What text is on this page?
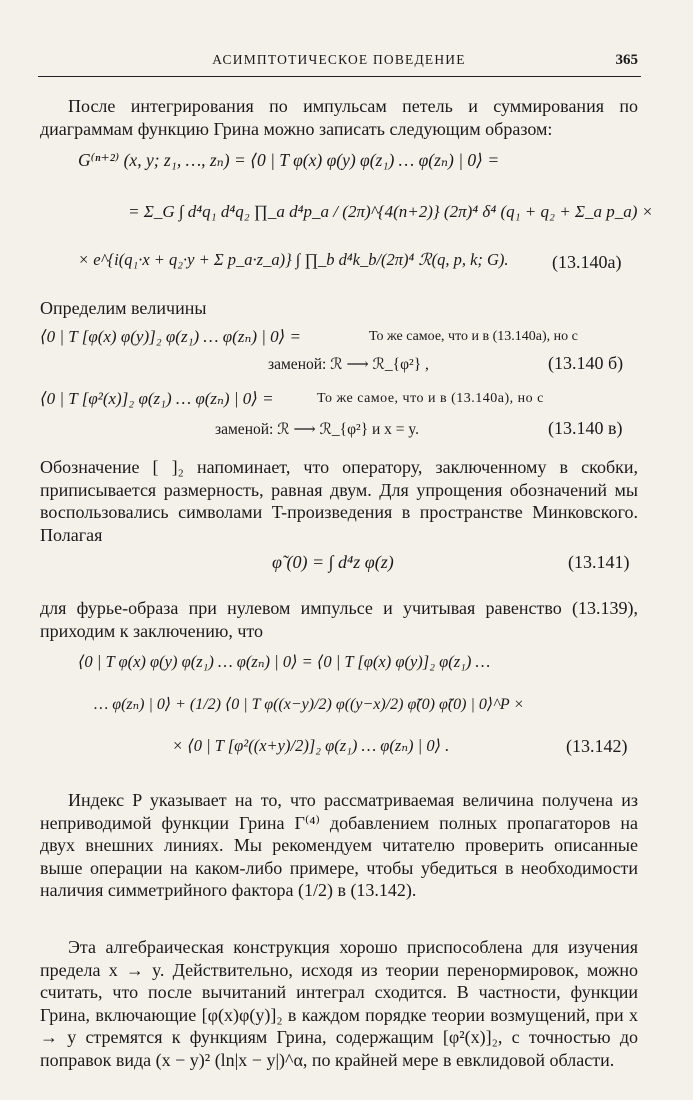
АСИМПТОТИЧЕСКОЕ ПОВЕДЕНИЕ	365

После интегрирования по импульсам петель и суммирования по диаграммам функцию Грина можно записать следующим образом:

G⁽ⁿ⁺²⁾ (x, y; z₁, …, zₙ) = ⟨0 | T φ(x) φ(y) φ(z₁) … φ(zₙ) | 0⟩ =
= Σ_G ∫ d⁴q₁ d⁴q₂ ∏_a d⁴p_a / (2π)^{4(n+2)} (2π)⁴ δ⁴ (q₁ + q₂ + Σ_a p_a) ×
× e^{i(q₁·x + q₂·y + Σ p_a·z_a)} ∫ ∏_b d⁴k_b/(2π)⁴ ℛ(q, p, k; G). (13.140а)
Определим величины
⟨0 | T [φ(x) φ(y)]₂ φ(z₁) … φ(zₙ) | 0⟩ =	То же самое, что и в (13.140а), но с
заменой: ℛ ⟶ ℛ_{φ²} ,	(13.140 б)
⟨0 | T [φ²(x)]₂ φ(z₁) … φ(zₙ) | 0⟩ =	То же самое, что и в (13.140а), но с
заменой: ℛ ⟶ ℛ_{φ²} и x = y.	(13.140 в)

Обозначение [ ]₂ напоминает, что оператору, заключенному в скобки, приписывается размерность, равная двум. Для упрощения обозначений мы воспользовались символами T-произведения в пространстве Минковского. Полагая

φ̃ (0) = ∫ d⁴z φ(z)	(13.141)

для фурье-образа при нулевом импульсе и учитывая равенство (13.139), приходим к заключению, что

⟨0 | T φ(x) φ(y) φ(z₁) … φ(zₙ) | 0⟩ = ⟨0 | T [φ(x) φ(y)]₂ φ(z₁) …
… φ(zₙ) | 0⟩ + (1/2) ⟨0 | T φ((x−y)/2) φ((y−x)/2) φ̃(0) φ̃(0) | 0⟩^P ×
× ⟨0 | T [φ²((x+y)/2)]₂ φ(z₁) … φ(zₙ) | 0⟩ .	(13.142)

Индекс P указывает на то, что рассматриваемая величина получена из неприводимой функции Грина Γ⁽⁴⁾ добавлением полных пропагаторов на двух внешних линиях. Мы рекомендуем читателю проверить описанные выше операции на каком-либо примере, чтобы убедиться в необходимости наличия симметрийного фактора (1/2) в (13.142).

Эта алгебраическая конструкция хорошо приспособлена для изучения предела x → y. Действительно, исходя из теории перенормировок, можно считать, что после вычитаний интеграл сходится. В частности, функции Грина, включающие [φ(x)φ(y)]₂ в каждом порядке теории возмущений, при x → y стремятся к функциям Грина, содержащим [φ²(x)]₂, с точностью до поправок вида (x − y)² (ln|x − y|)^α, по крайней мере в евклидовой области.
